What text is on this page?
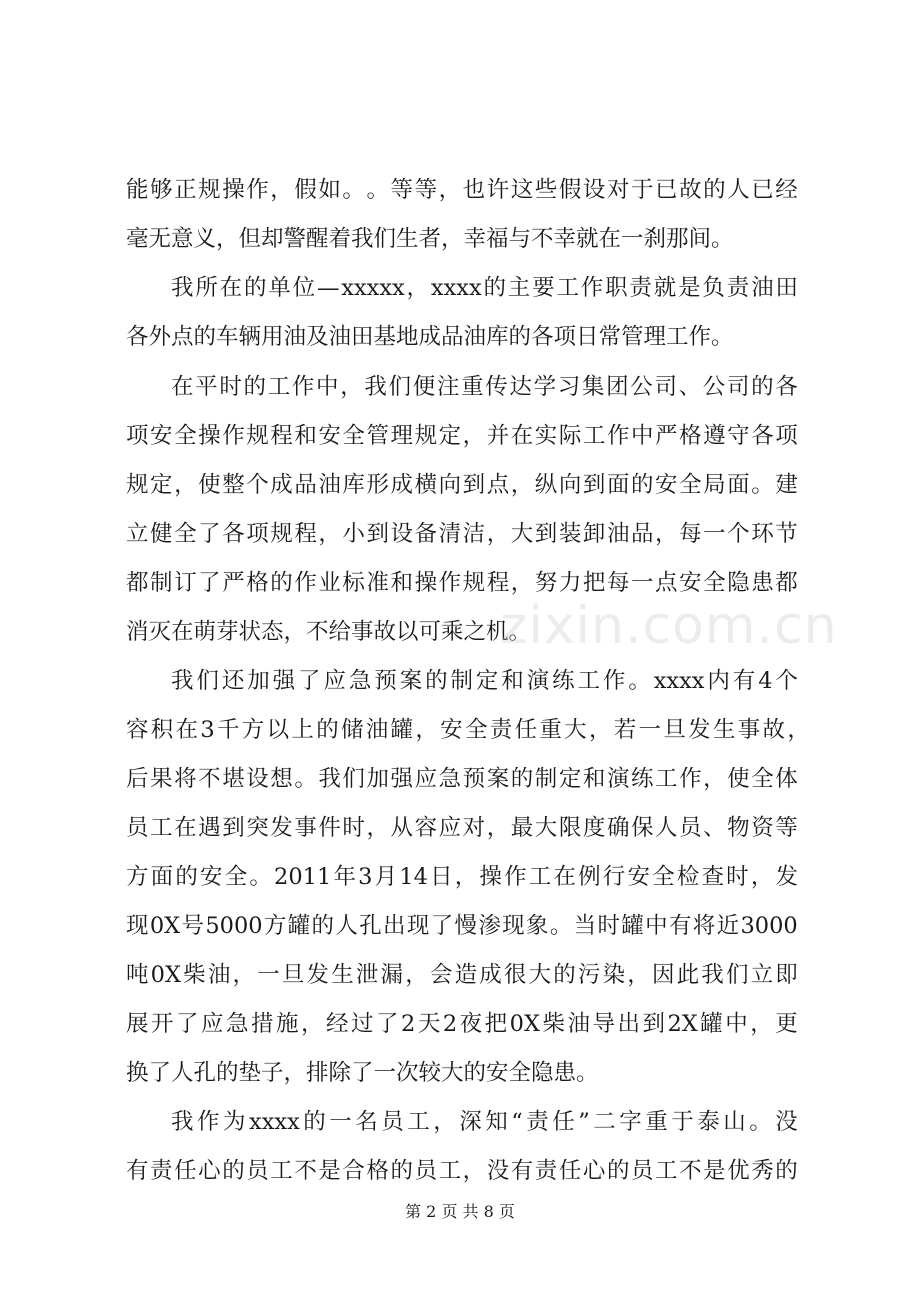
能 够 正 规 操 作 ， 假 如 。 。 等 等 ， 也 许 这 些 假 设 对 于 已 故 的 人 已 经
毫无意义，但却警醒着我们生者，幸福与不幸就在一刹那间。
我 所 在 的 单 位 — xxxxx ， xxxx 的 主 要 工 作 职 责 就 是 负 责 油 田
各外点的车辆用油及油田基地成品油库的各项日常管理工作。
在 平 时 的 工 作 中 ， 我 们 便 注 重 传 达 学 习 集 团 公 司 、 公 司 的 各
项 安 全 操 作 规 程 和 安 全 管 理 规 定 ， 并 在 实 际 工 作 中 严 格 遵 守 各 项
规 定 ， 使 整 个 成 品 油 库 形 成 横 向 到 点 ， 纵 向 到 面 的 安 全 局 面 。 建
立 健 全 了 各 项 规 程 ， 小 到 设 备 清 洁 ， 大 到 装 卸 油 品 ， 每 一 个 环 节
都 制 订 了 严 格 的 作 业 标 准 和 操 作 规 程 ， 努 力 把 每 一 点 安 全 隐 患 都
消灭在萌芽状态，不给事故以可乘之机。
我 们 还 加 强 了 应 急 预 案 的 制 定 和 演 练 工 作 。 xxxx 内 有 4 个
容 积 在 3 千 方 以 上 的 储 油 罐 ， 安 全 责 任 重 大 ， 若 一 旦 发 生 事 故 ，
后 果 将 不 堪 设 想 。 我 们 加 强 应 急 预 案 的 制 定 和 演 练 工 作 ， 使 全 体
员 工 在 遇 到 突 发 事 件 时 ， 从 容 应 对 ， 最 大 限 度 确 保 人 员 、 物 资 等
方 面 的 安 全 。 2011 年 3 月 14 日 ， 操 作 工 在 例 行 安 全 检 查 时 ， 发
现 0X 号 5000 方 罐 的 人 孔 出 现 了 慢 渗 现 象 。 当 时 罐 中 有 将 近 3000
吨 0X 柴 油 ， 一 旦 发 生 泄 漏 ， 会 造 成 很 大 的 污 染 ， 因 此 我 们 立 即
展 开 了 应 急 措 施 ， 经 过 了 2 天 2 夜 把 0X 柴 油 导 出 到 2X 罐 中 ， 更
换了人孔的垫子，排除了一次较大的安全隐患。
我 作 为 xxxx 的 一 名 员 工 ， 深 知 “ 责 任 ” 二 字 重 于 泰 山 。 没
有 责 任 心 的 员 工 不 是 合 格 的 员 工 ， 没 有 责 任 心 的 员 工 不 是 优 秀 的
zixin.com.cn
第 2 页 共 8 页
